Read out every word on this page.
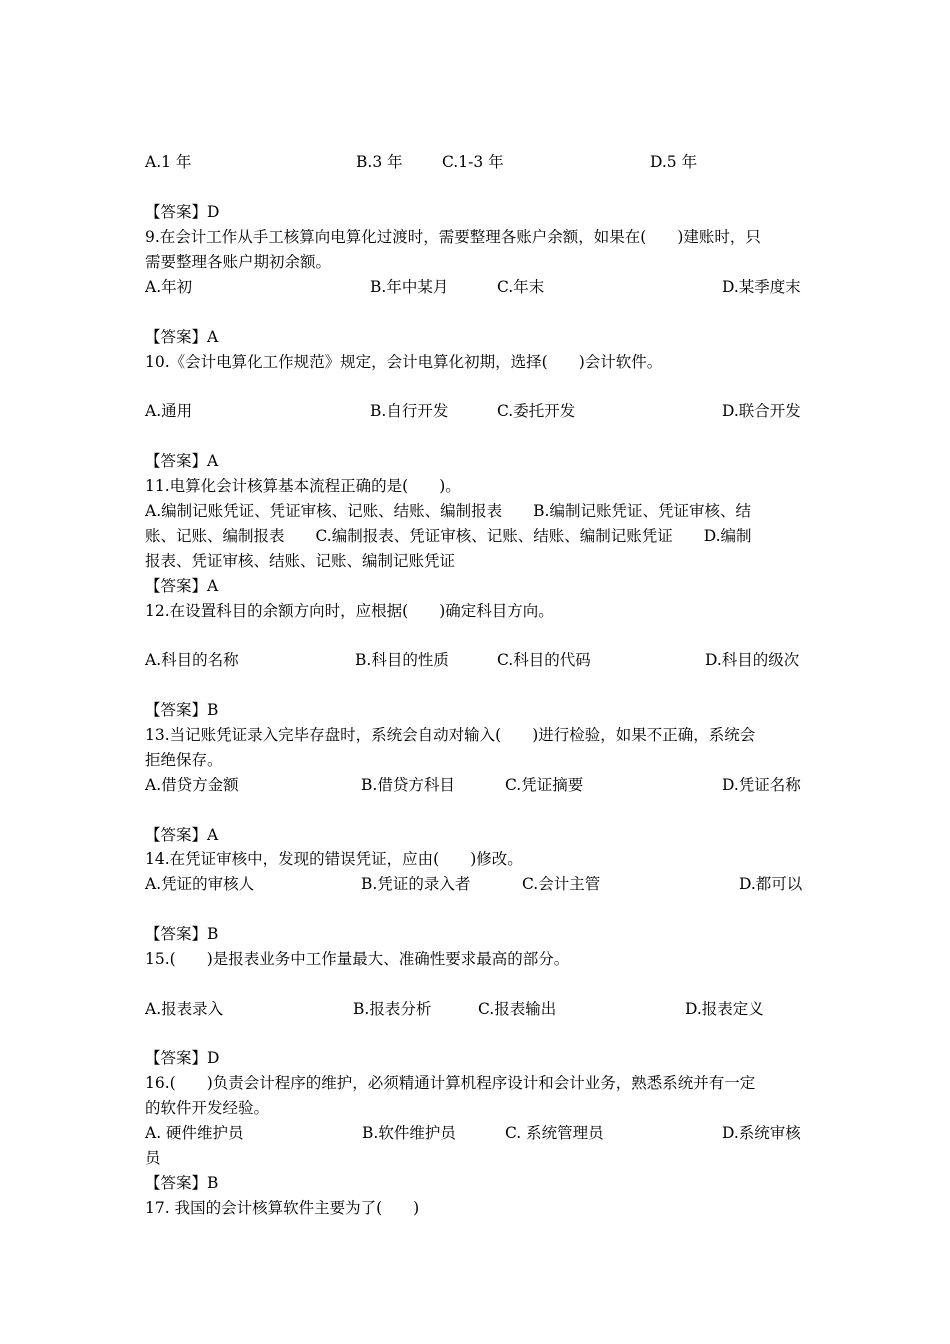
A.1 年	B.3 年	C.1-3 年	D.5 年
【答案】D
9.在会计工作从手工核算向电算化过渡时，需要整理各账户余额，如果在(　　)建账时，只
需要整理各账户期初余额。
A.年初	B.年中某月	C.年末	D.某季度末
【答案】A
10.《会计电算化工作规范》规定，会计电算化初期，选择(　　)会计软件。
A.通用	B.自行开发	C.委托开发	D.联合开发
【答案】A
11.电算化会计核算基本流程正确的是(　　)。
A.编制记账凭证、凭证审核、记账、结账、编制报表　　B.编制记账凭证、凭证审核、结
账、记账、编制报表　　C.编制报表、凭证审核、记账、结账、编制记账凭证　　D.编制
报表、凭证审核、结账、记账、编制记账凭证
【答案】A
12.在设置科目的余额方向时，应根据(　　)确定科目方向。
A.科目的名称	B.科目的性质	C.科目的代码	D.科目的级次
【答案】B
13.当记账凭证录入完毕存盘时，系统会自动对输入(　　)进行检验，如果不正确，系统会
拒绝保存。
A.借贷方金额	B.借贷方科目	C.凭证摘要	D.凭证名称
【答案】A
14.在凭证审核中，发现的错误凭证，应由(　　)修改。
A.凭证的审核人	B.凭证的录入者	C.会计主管	D.都可以
【答案】B
15.(　　)是报表业务中工作量最大、准确性要求最高的部分。
A.报表录入	B.报表分析	C.报表输出	D.报表定义
【答案】D
16.(　　)负责会计程序的维护，必须精通计算机程序设计和会计业务，熟悉系统并有一定
的软件开发经验。
A. 硬件维护员	B.软件维护员	C. 系统管理员	D.系统审核
员
【答案】B
17. 我国的会计核算软件主要为了(　　)
